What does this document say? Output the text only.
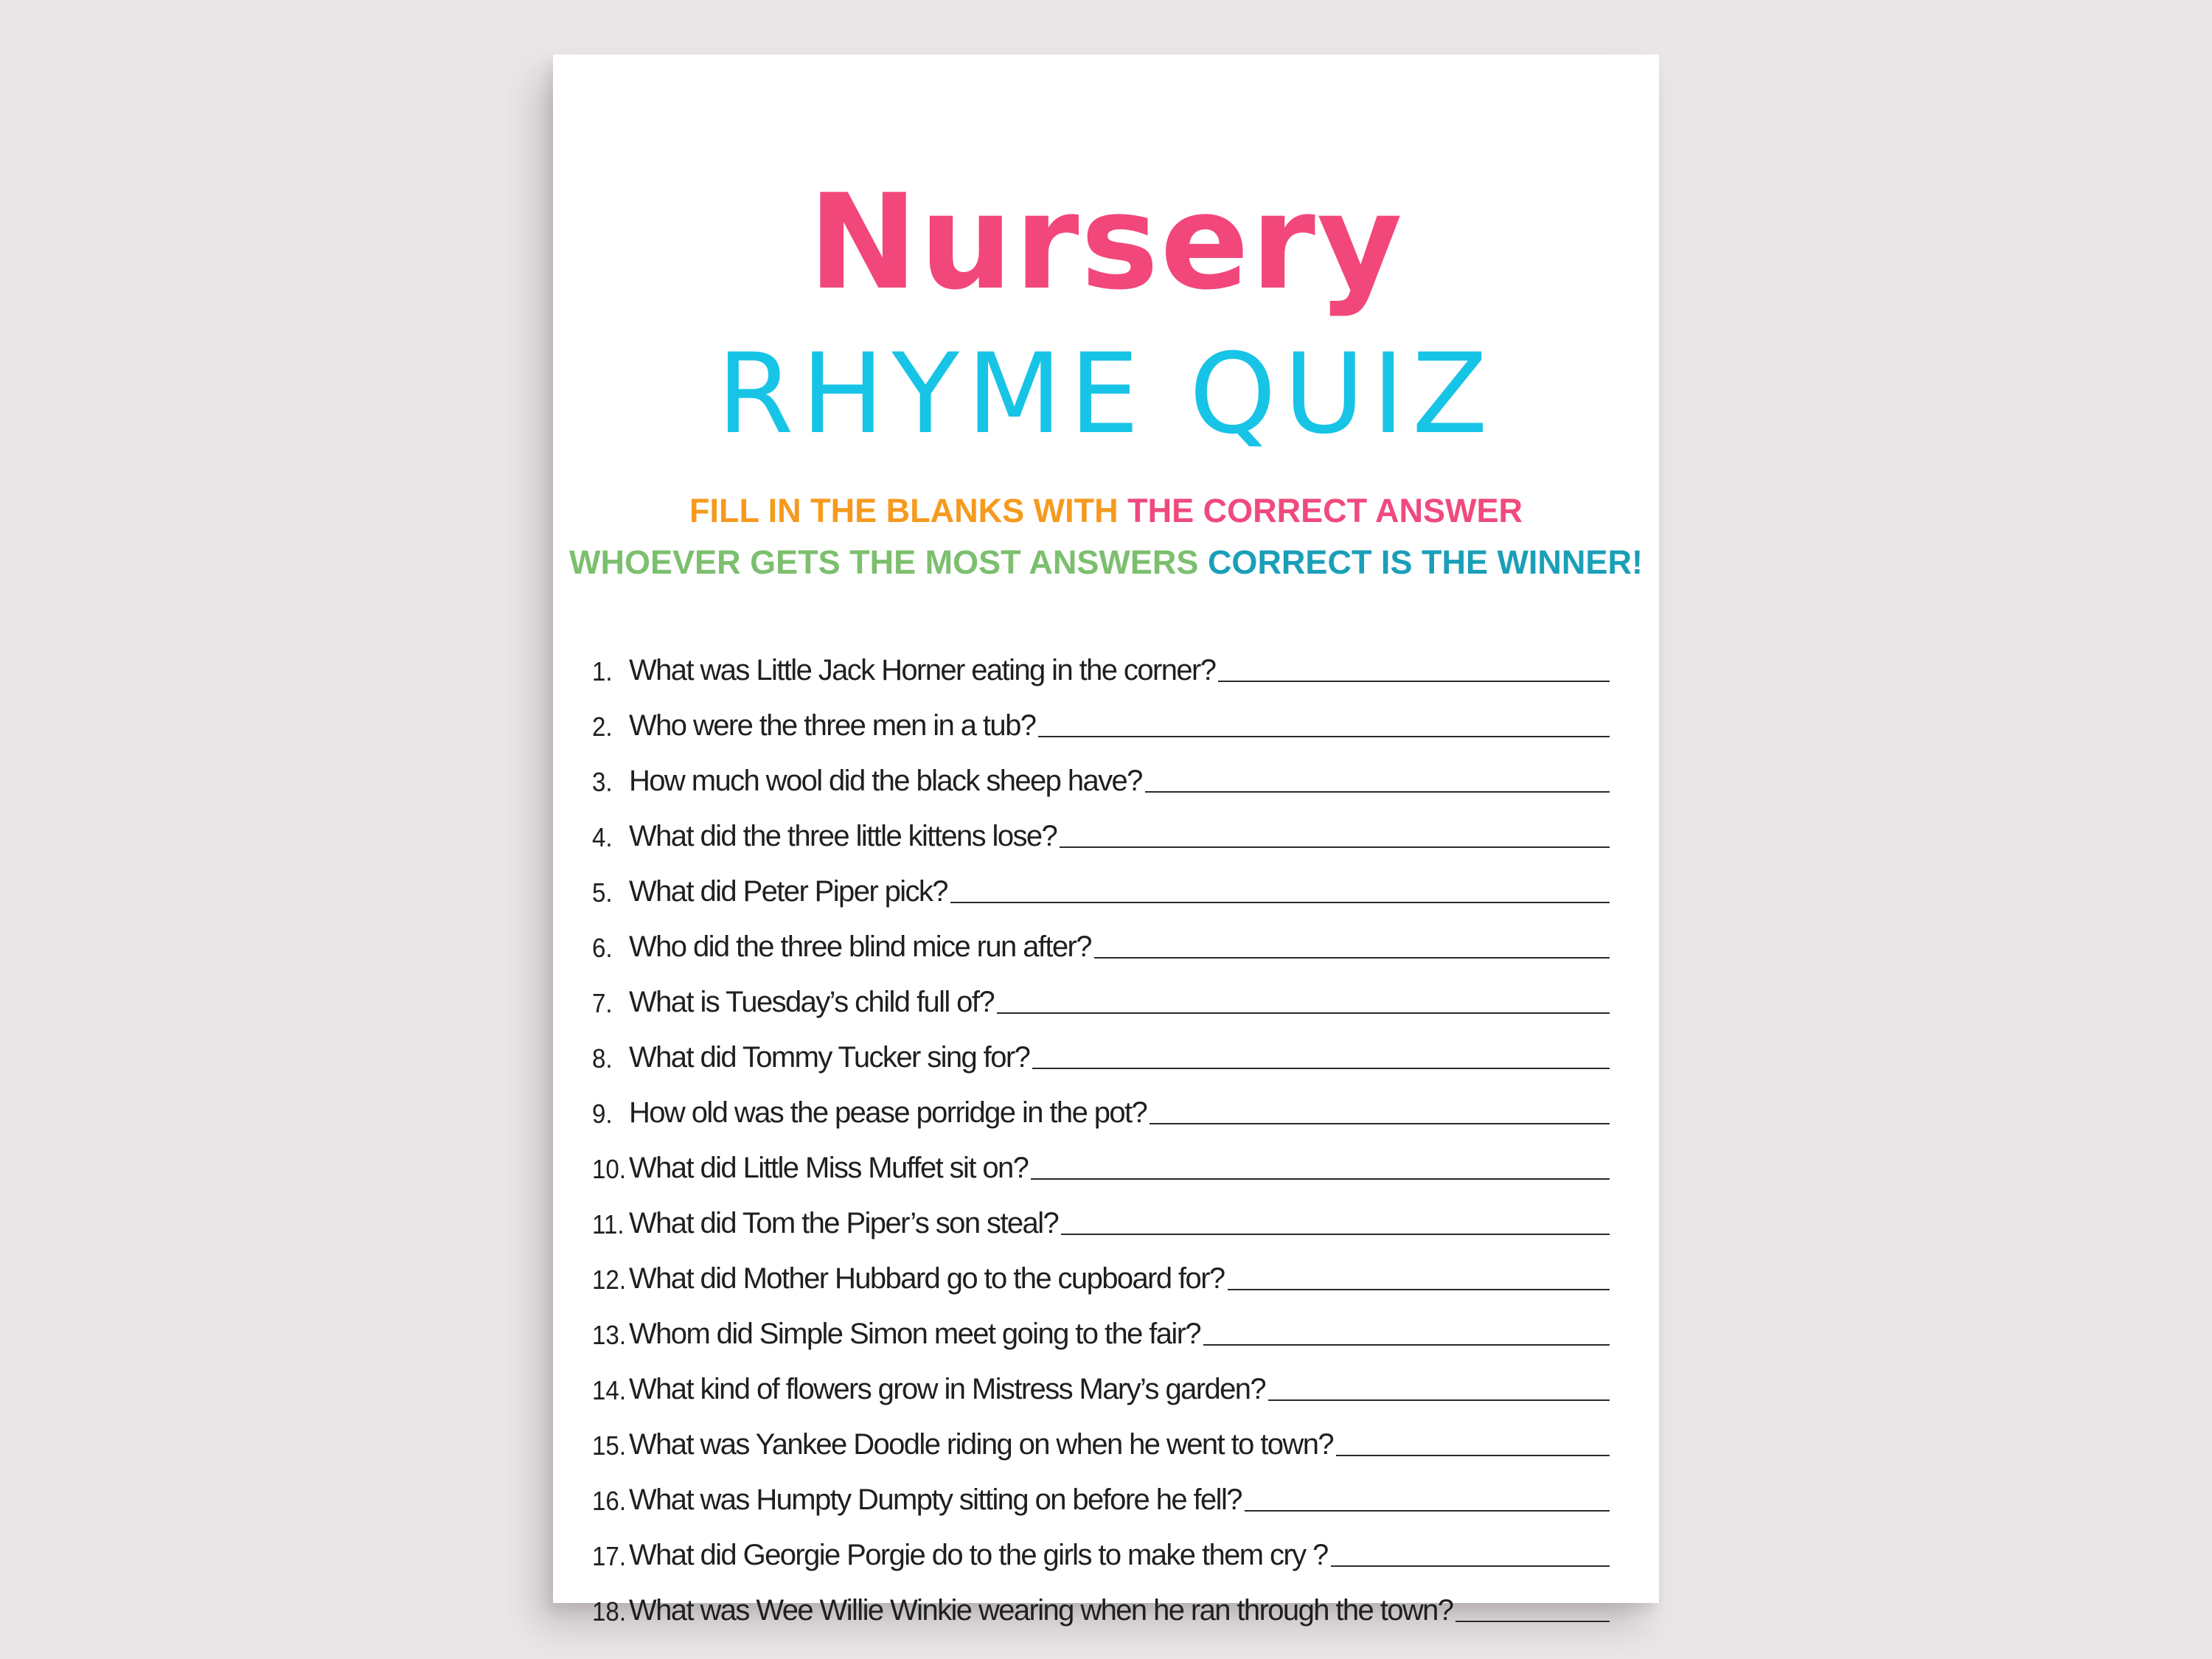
Nursery
RHYME QUIZ
FILL IN THE BLANKS WITH THE CORRECT ANSWER
WHOEVER GETS THE MOST ANSWERS CORRECT IS THE WINNER!
1. What was Little Jack Horner eating in the corner?
2. Who were the three men in a tub?
3. How much wool did the black sheep have?
4. What did the three little kittens lose?
5. What did Peter Piper pick?
6. Who did the three blind mice run after?
7. What is Tuesday’s child full of?
8. What did Tommy Tucker sing for?
9. How old was the pease porridge in the pot?
10. What did Little Miss Muffet sit on?
11. What did Tom the Piper’s son steal?
12. What did Mother Hubbard go to the cupboard for?
13. Whom did Simple Simon meet going to the fair?
14. What kind of flowers grow in Mistress Mary’s garden?
15. What was Yankee Doodle riding on when he went to town?
16. What was Humpty Dumpty sitting on before he fell?
17. What did Georgie Porgie do to the girls to make them cry ?
18. What was Wee Willie Winkie wearing when he ran through the town?
